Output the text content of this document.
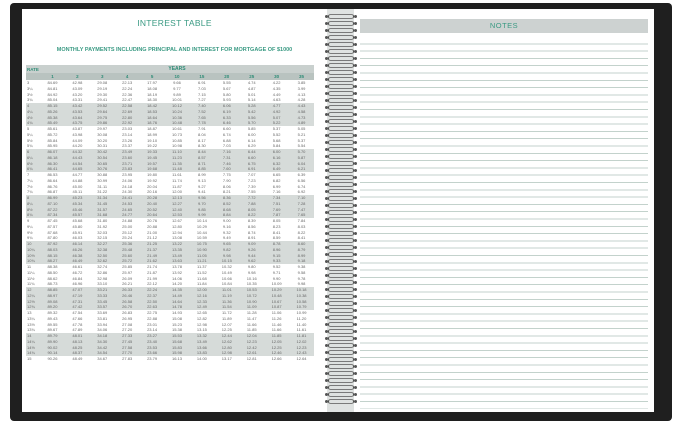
INTEREST TABLE
MONTHLY PAYMENTS INCLUDING PRINCIPAL AND INTEREST FOR MORTGAGE OF $1000
RATE	YEARS
1	2	3	4	5	10	15	20	25	30	35
3	84.69	42.98	29.08	22.13	17.97	9.66	6.91	5.55	4.74	4.22	3.85
3¼	84.81	43.09	29.19	22.24	18.08	9.77	7.03	5.67	4.87	4.35	3.99
3½	84.92	43.20	29.30	22.36	18.19	9.89	7.15	5.80	5.01	4.49	4.13
3¾	85.04	43.31	29.41	22.47	18.30	10.01	7.27	5.93	5.14	4.63	4.28
4	85.15	43.42	29.52	22.58	18.42	10.12	7.40	6.06	5.28	4.77	4.43
4¼	85.26	43.53	29.64	22.69	18.53	10.24	7.52	6.19	5.42	4.92	4.58
4½	85.38	43.64	29.75	22.80	18.64	10.36	7.65	6.33	5.56	5.07	4.73
4¾	85.49	43.75	29.86	22.92	18.76	10.48	7.78	6.46	5.70	5.22	4.89
5	85.61	43.87	29.97	23.03	18.87	10.61	7.91	6.60	5.85	5.37	5.05
5¼	85.72	43.98	30.08	23.14	18.99	10.73	8.04	6.74	6.00	5.52	5.21
5½	85.84	44.09	30.20	23.26	19.10	10.85	8.17	6.88	6.14	5.68	5.37
5¾	85.95	44.20	30.31	23.37	19.22	10.98	8.30	7.03	6.29	5.84	5.54
6	86.07	44.32	30.42	23.49	19.33	11.10	8.44	7.16	6.44	6.00	5.70
6¼	86.18	44.43	30.54	23.60	19.45	11.23	8.57	7.31	6.60	6.16	5.87
6½	86.30	44.54	30.65	23.71	19.57	11.35	8.71	7.46	6.75	6.32	6.04
6¾	86.41	44.65	30.76	23.83	19.68	11.48	8.85	7.60	6.91	6.49	6.21
7	86.53	44.77	30.88	23.95	19.80	11.61	8.99	7.75	7.07	6.65	6.39
7¼	86.64	44.88	30.99	24.06	19.92	11.74	9.13	7.90	7.23	6.82	6.56
7½	86.76	45.00	31.11	24.18	20.04	11.87	9.27	8.06	7.39	6.99	6.74
7¾	86.87	45.11	31.22	24.30	20.16	12.00	9.41	8.21	7.55	7.16	6.92
8	86.99	45.23	31.34	24.41	20.28	12.13	9.56	8.36	7.72	7.34	7.10
8¼	87.10	45.34	31.45	24.53	20.40	12.27	9.70	8.52	7.88	7.51	7.28
8½	87.22	45.46	31.57	24.65	20.52	12.40	9.85	8.68	8.05	7.69	7.47
8¾	87.34	45.57	31.68	24.77	20.64	12.53	9.99	8.84	8.22	7.87	7.65
9	87.45	45.68	31.80	24.88	20.76	12.67	10.14	9.00	8.39	8.05	7.84
9¼	87.57	45.80	31.92	25.00	20.88	12.80	10.29	9.16	8.56	8.23	8.03
9½	87.68	45.91	32.03	25.12	21.00	12.94	10.44	9.32	8.74	8.41	8.22
9¾	87.80	46.03	32.15	25.24	21.12	13.08	10.59	9.49	8.91	8.59	8.41
10	87.92	46.14	32.27	25.36	21.25	13.22	10.75	9.65	9.09	8.78	8.60
10¼	88.03	46.26	32.38	25.48	21.37	13.35	10.90	9.82	9.26	8.96	8.79
10½	88.15	46.38	32.50	25.60	21.49	13.49	11.05	9.98	9.44	9.15	8.99
10¾	88.27	46.49	32.62	25.72	21.62	13.63	11.21	10.15	9.62	9.33	9.18
11	88.38	46.61	32.74	25.85	21.74	13.78	11.37	10.32	9.80	9.52	9.38
11¼	88.50	46.72	32.86	25.97	21.87	13.92	11.52	10.49	9.98	9.71	9.58
11½	88.62	46.84	32.98	26.09	21.99	14.06	11.68	10.66	10.16	9.90	9.78
11¾	88.73	46.96	33.10	26.21	22.12	14.20	11.84	10.84	10.35	10.09	9.98
12	88.85	47.07	33.21	26.33	22.24	14.35	12.00	11.01	10.53	10.29	10.18
12¼	88.97	47.19	33.33	26.46	22.37	14.49	12.16	11.19	10.72	10.48	10.38
12½	89.08	47.31	33.45	26.58	22.50	14.64	12.33	11.36	10.90	10.67	10.58
12¾	89.20	47.42	33.57	26.70	22.63	14.78	12.49	11.54	11.09	10.87	10.79
13	89.32	47.54	33.69	26.83	22.75	14.93	12.65	11.72	11.28	11.06	10.99
13¼	89.43	47.66	33.81	26.95	22.88	15.08	12.82	11.89	11.47	11.26	11.20
13½	89.55	47.78	33.94	27.08	23.01	15.23	12.98	12.07	11.66	11.46	11.40
13¾	89.67	47.89	34.06	27.20	23.14	15.38	13.15	12.25	11.85	11.66	11.61
14	89.79	48.01	34.18	27.33	23.27	15.53	13.32	12.44	12.04	11.85	11.81
14¼	89.90	48.13	34.30	27.45	23.40	15.68	13.49	12.62	12.23	12.05	12.02
14½	90.02	48.25	34.42	27.58	23.53	15.83	13.66	12.80	12.42	12.25	12.23
14¾	90.14	48.37	34.54	27.70	23.66	15.98	13.83	12.98	12.61	12.46	12.43
15	90.26	48.49	34.67	27.83	23.79	16.13	14.00	13.17	12.81	12.66	12.64
NOTES
